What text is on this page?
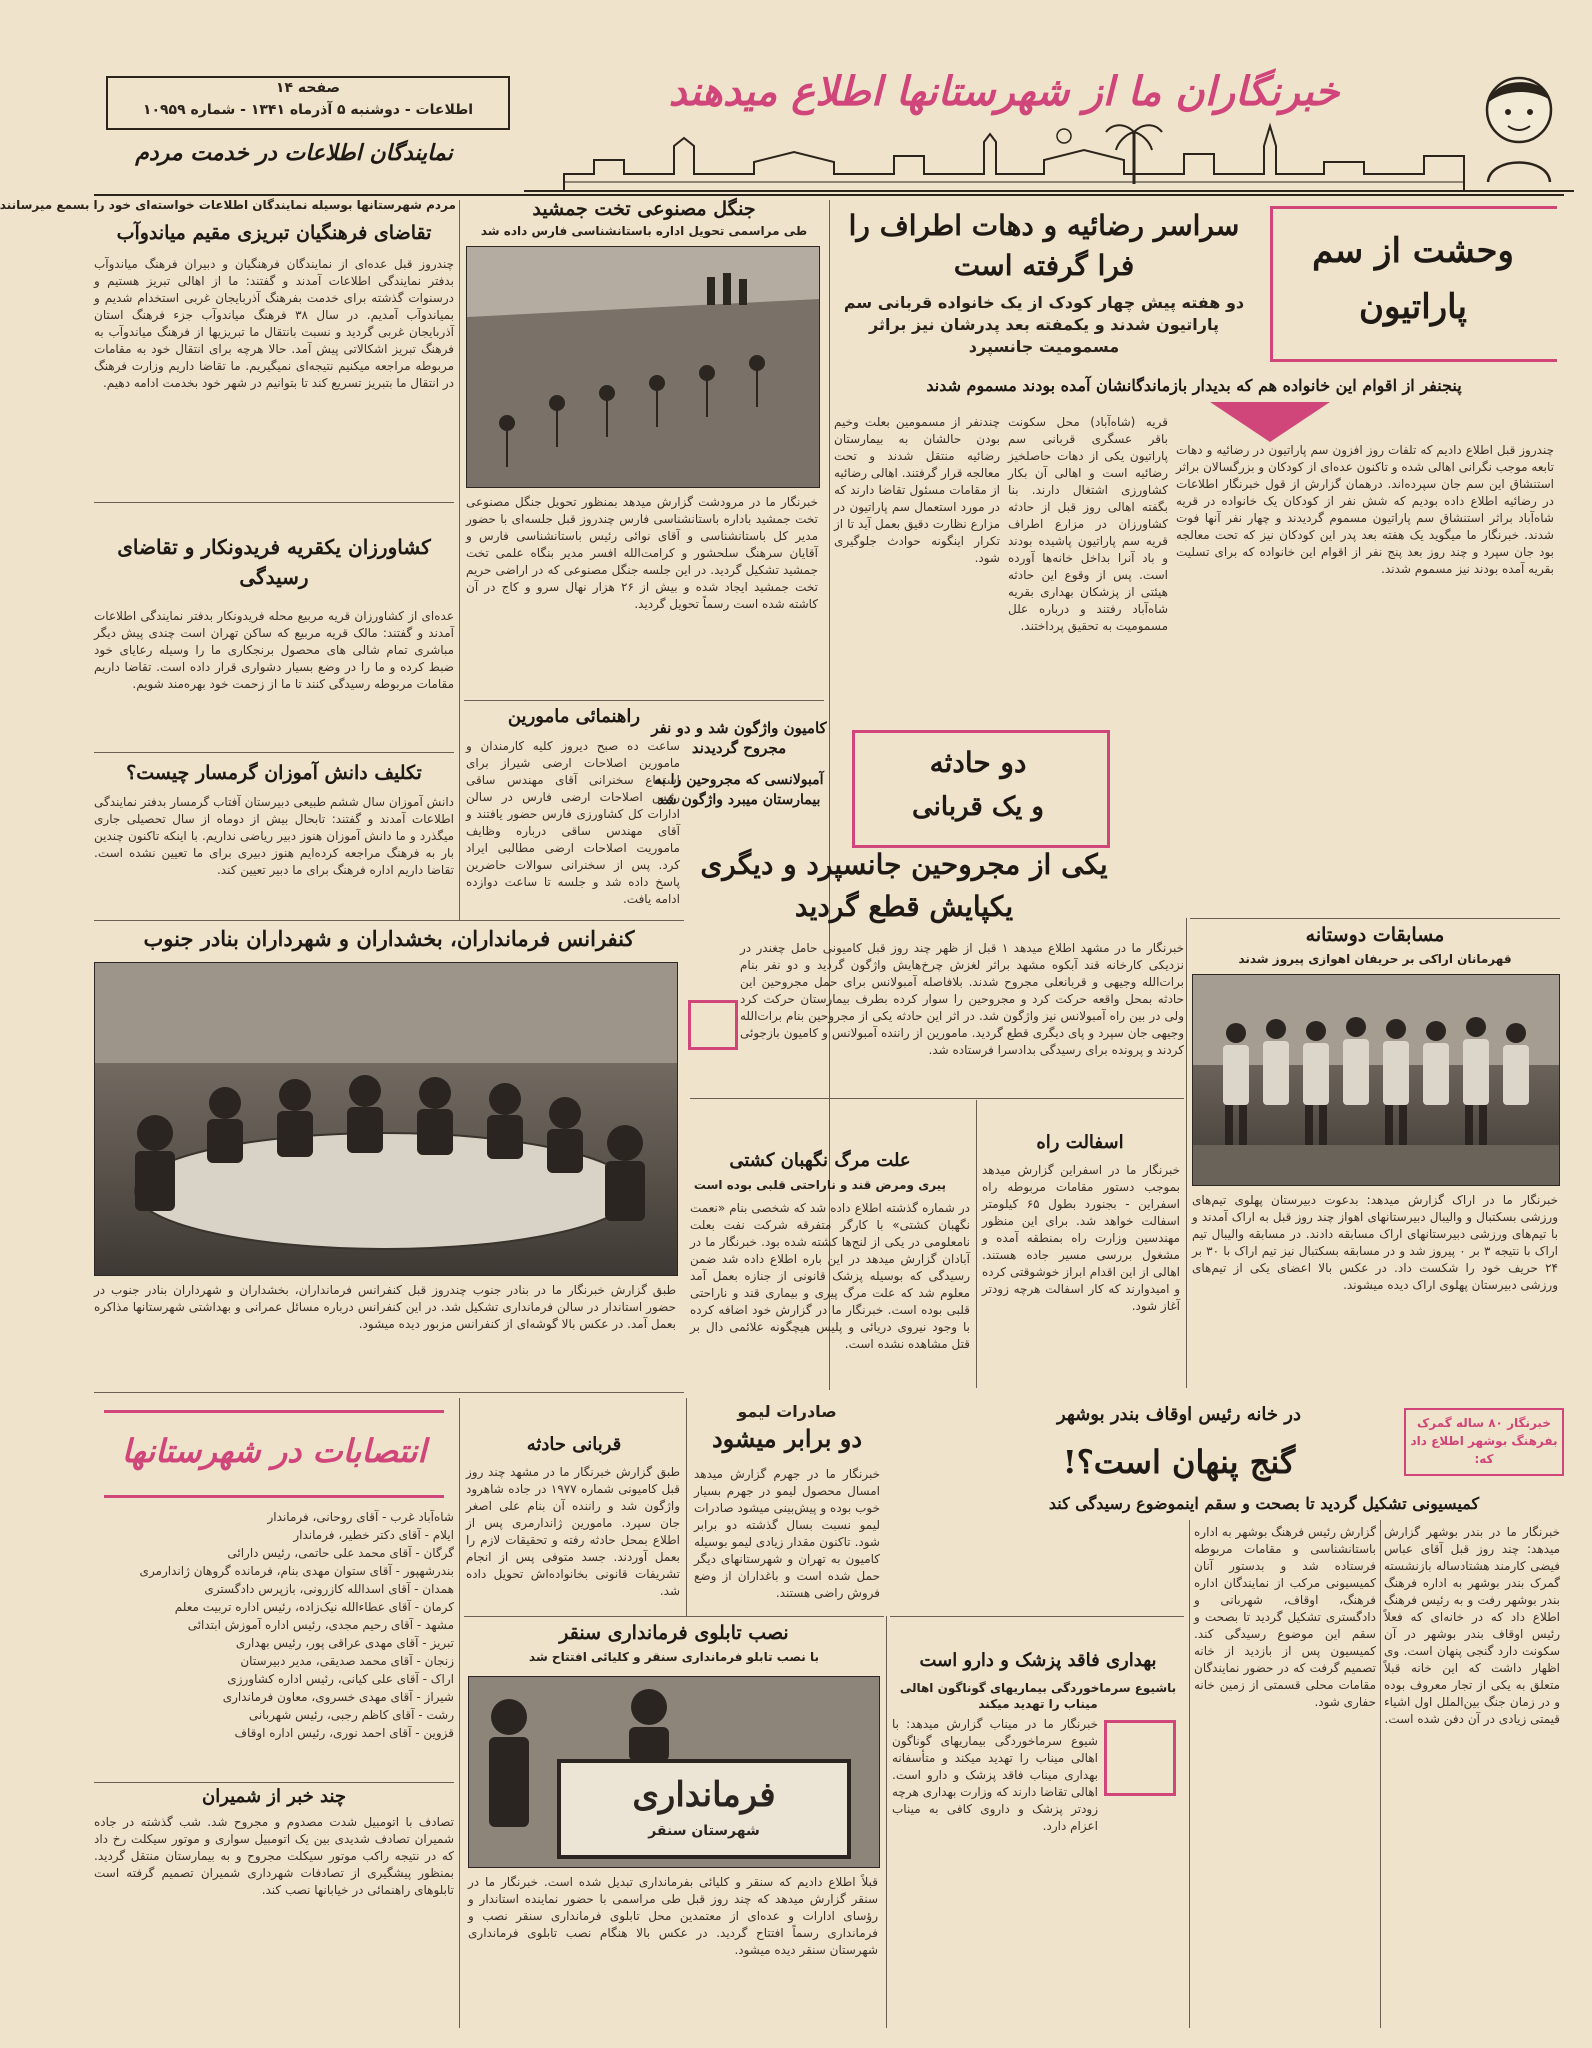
خبرنگاران ما از شهرستانها اطلاع میدهند
صفحه ۱۴
اطلاعات - دوشنبه ۵ آذرماه ۱۳۴۱ - شماره ۱۰۹۵۹
نمایندگان اطلاعات در خدمت مردم
مردم شهرستانها بوسیله نمایندگان اطلاعات خواسته‌ای خود را بسمع میرسانند
تقاضای فرهنگیان تبریزی مقیم میاندوآب
چندروز قبل عده‌ای از نمایندگان فرهنگیان و دبیران فرهنگ میاندوآب بدفتر نمایندگی اطلاعات آمدند و گفتند: ما از اهالی تبریز هستیم و درسنوات گذشته برای خدمت بفرهنگ آذربایجان غربی استخدام شدیم و بمیاندوآب آمدیم. در سال ۳۸ فرهنگ میاندوآب جزء فرهنگ استان آذربایجان غربی گردید و نسبت بانتقال ما تبریزیها از فرهنگ میاندوآب به فرهنگ تبریز اشکالاتی پیش آمد. حالا هرچه برای انتقال خود به مقامات مربوطه مراجعه میکنیم نتیجه‌ای نمیگیریم. ما تقاضا داریم وزارت فرهنگ در انتقال ما بتبریز تسریع کند تا بتوانیم در شهر خود بخدمت ادامه دهیم.
کشاورزان یکقریه فریدونکار و تقاضای رسیدگی
عده‌ای از کشاورزان قریه مربیع محله فریدونکار بدفتر نمایندگی اطلاعات آمدند و گفتند: مالک قریه مربیع که ساکن تهران است چندی پیش دیگر مباشری تمام شالی های محصول برنجکاری ما را وسیله رعایای خود ضبط کرده و ما را در وضع بسیار دشواری قرار داده است. تقاضا داریم مقامات مربوطه رسیدگی کنند تا ما از زحمت خود بهره‌مند شویم.
تکلیف دانش آموزان گرمسار چیست؟
دانش آموزان سال ششم طبیعی دبیرستان آفتاب گرمسار بدفتر نمایندگی اطلاعات آمدند و گفتند: تابحال بیش از دوماه از سال تحصیلی جاری میگذرد و ما دانش آموزان هنوز دبیر ریاضی نداریم. با اینکه تاکنون چندین بار به فرهنگ مراجعه کرده‌ایم هنوز دبیری برای ما تعیین نشده است. تقاضا داریم اداره فرهنگ برای ما دبیر تعیین کند.
کنفرانس فرمانداران، بخشداران و شهرداران بنادر جنوب
طبق گزارش خبرنگار ما در بنادر جنوب چندروز قبل کنفرانس فرمانداران، بخشداران و شهرداران بنادر جنوب در حضور استاندار در سالن فرمانداری تشکیل شد. در این کنفرانس درباره مسائل عمرانی و بهداشتی شهرستانها مذاکره بعمل آمد. در عکس بالا گوشه‌ای از کنفرانس مزبور دیده میشود.
جنگل مصنوعی تخت جمشید
طی مراسمی تحویل اداره باستانشناسی فارس داده شد
خبرنگار ما در مرودشت گزارش میدهد بمنظور تحویل جنگل مصنوعی تخت جمشید باداره باستانشناسی فارس چندروز قبل جلسه‌ای با حضور مدیر کل باستانشناسی و آقای نوائی رئیس باستانشناسی فارس و آقایان سرهنگ سلحشور و کرامت‌الله افسر مدیر بنگاه علمی تخت جمشید تشکیل گردید. در این جلسه جنگل مصنوعی که در اراضی حریم تخت جمشید ایجاد شده و بیش از ۲۶ هزار نهال سرو و کاج در آن کاشته شده است رسماً تحویل گردید.
راهنمائی مامورین
ساعت ده صبح دیروز کلیه کارمندان و مامورین اصلاحات ارضی شیراز برای استماع سخنرانی آقای مهندس ساقی رئیس اصلاحات ارضی فارس در سالن ادارات کل کشاورزی فارس حضور یافتند و آقای مهندس ساقی درباره وظایف ماموریت اصلاحات ارضی مطالبی ایراد کرد. پس از سخنرانی سوالات حاضرین پاسخ داده شد و جلسه تا ساعت دوازده ادامه یافت.
سراسر رضائیه و دهات اطراف را فرا گرفته است
دو هفته پیش چهار کودک از یک خانواده قربانی سم پاراتیون شدند و یکمفته بعد پدرشان نیز براثر مسمومیت جانسپرد
وحشت از سم پاراتیون
پنجنفر از اقوام این خانواده هم که بدیدار بازماندگانشان آمده بودند مسموم شدند
چندروز قبل اطلاع دادیم که تلفات روز افزون سم پاراتیون در رضائیه و دهات تابعه موجب نگرانی اهالی شده و تاکنون عده‌ای از کودکان و بزرگسالان براثر استنشاق این سم جان سپرده‌اند. درهمان گزارش از قول خبرنگار اطلاعات در رضائیه اطلاع داده بودیم که شش نفر از کودکان یک خانواده در قریه شاه‌آباد براثر استنشاق سم پاراتیون مسموم گردیدند و چهار نفر آنها فوت شدند. خبرنگار ما میگوید یک هفته بعد پدر این کودکان نیز که تحت معالجه بود جان سپرد و چند روز بعد پنج نفر از اقوام این خانواده که برای تسلیت بقریه آمده بودند نیز مسموم شدند.
قریه (شاه‌آباد) محل سکونت باقر عسگری قربانی سم پاراتیون یکی از دهات حاصلخیز رضائیه است و اهالی آن بکار کشاورزی اشتغال دارند. بنا بگفته اهالی روز قبل از حادثه کشاورزان در مزارع اطراف قریه سم پاراتیون پاشیده بودند و باد آنرا بداخل خانه‌ها آورده است. پس از وقوع این حادثه هیئتی از پزشکان بهداری بقریه شاه‌آباد رفتند و درباره علل مسمومیت به تحقیق پرداختند.
چندنفر از مسمومین بعلت وخیم بودن حالشان به بیمارستان رضائیه منتقل شدند و تحت معالجه قرار گرفتند. اهالی رضائیه از مقامات مسئول تقاضا دارند که در مورد استعمال سم پاراتیون در مزارع نظارت دقیق بعمل آید تا از تکرار اینگونه حوادث جلوگیری شود.
دو حادثه
و یک قربانی
کامیون واژگون شد و دو نفر مجروح گردیدند
آمبولانسی که مجروحین را به بیمارستان میبرد واژگون شد
یکی از مجروحین جانسپرد و دیگری
یکپایش قطع گردید
خبرنگار ما در مشهد اطلاع میدهد ۱ قبل از ظهر چند روز قبل کامیونی حامل چغندر در نزدیکی کارخانه قند آبکوه مشهد براثر لغزش چرخ‌هایش واژگون گردید و دو نفر بنام برات‌الله وجیهی و قربانعلی مجروح شدند. بلافاصله آمبولانس برای حمل مجروحین این حادثه بمحل واقعه حرکت کرد و مجروحین را سوار کرده بطرف بیمارستان حرکت کرد ولی در بین راه آمبولانس نیز واژگون شد. در اثر این حادثه یکی از مجروحین بنام برات‌الله وجیهی جان سپرد و پای دیگری قطع گردید. مامورین از راننده آمبولانس و کامیون بازجوئی کردند و پرونده برای رسیدگی بدادسرا فرستاده شد.
علت مرگ نگهبان کشتی
پیری ومرض قند و ناراحتی قلبی بوده است
در شماره گذشته اطلاع داده شد که شخصی بنام «نعمت نگهبان کشتی» با کارگر متفرقه شرکت نفت بعلت نامعلومی در یکی از لنج‌ها کشته شده بود. خبرنگار ما در آبادان گزارش میدهد در این باره اطلاع داده شد ضمن رسیدگی که بوسیله پزشک قانونی از جنازه بعمل آمد معلوم شد که علت مرگ پیری و بیماری قند و ناراحتی قلبی بوده است. خبرنگار ما در گزارش خود اضافه کرده با وجود نیروی دریائی و پلیس هیچگونه علائمی دال بر قتل مشاهده نشده است.
اسفالت راه
خبرنگار ما در اسفراین گزارش میدهد بموجب دستور مقامات مربوطه راه اسفراین - بجنورد بطول ۶۵ کیلومتر اسفالت خواهد شد. برای این منظور مهندسین وزارت راه بمنطقه آمده و مشغول بررسی مسیر جاده هستند. اهالی از این اقدام ابراز خوشوقتی کرده و امیدوارند که کار اسفالت هرچه زودتر آغاز شود.
مسابقات دوستانه
قهرمانان اراکی بر حریفان اهوازی پیروز شدند
خبرنگار ما در اراک گزارش میدهد: بدعوت دبیرستان پهلوی تیم‌های ورزشی بسکتبال و والیبال دبیرستانهای اهواز چند روز قبل به اراک آمدند و با تیم‌های ورزشی دبیرستانهای اراک مسابقه دادند. در مسابقه والیبال تیم اراک با نتیجه ۳ بر ۰ پیروز شد و در مسابقه بسکتبال نیز تیم اراک با ۳۰ بر ۲۴ حریف خود را شکست داد. در عکس بالا اعضای یکی از تیم‌های ورزشی دبیرستان پهلوی اراک دیده میشوند.
انتصابات در شهرستانها
شاه‌آباد غرب - آقای روحانی، فرماندار
ایلام - آقای دکتر خطیر، فرماندار
گرگان - آقای محمد علی حاتمی، رئیس دارائی
بندرشهپور - آقای ستوان مهدی بنام، فرمانده گروهان ژاندارمری
همدان - آقای اسدالله کازرونی، بازپرس دادگستری
کرمان - آقای عطاءالله نیک‌زاده، رئیس اداره تربیت معلم
مشهد - آقای رحیم مجدی، رئیس اداره آموزش ابتدائی
تبریز - آقای مهدی عراقی پور، رئیس بهداری
زنجان - آقای محمد صدیقی، مدیر دبیرستان
اراک - آقای علی کیانی، رئیس اداره کشاورزی
شیراز - آقای مهدی خسروی، معاون فرمانداری
رشت - آقای کاظم رجبی، رئیس شهربانی
قزوین - آقای احمد نوری، رئیس اداره اوقاف
چند خبر از شمیران
تصادف با اتومبیل شدت مصدوم و مجروح شد. شب گذشته در جاده شمیران تصادف شدیدی بین یک اتومبیل سواری و موتور سیکلت رخ داد که در نتیجه راکب موتور سیکلت مجروح و به بیمارستان منتقل گردید. بمنظور پیشگیری از تصادفات شهرداری شمیران تصمیم گرفته است تابلوهای راهنمائی در خیابانها نصب کند.
قربانی حادثه
طبق گزارش خبرنگار ما در مشهد چند روز قبل کامیونی شماره ۱۹۷۷ در جاده شاهرود واژگون شد و راننده آن بنام علی اصغر جان سپرد. مامورین ژاندارمری پس از اطلاع بمحل حادثه رفته و تحقیقات لازم را بعمل آوردند. جسد متوفی پس از انجام تشریفات قانونی بخانواده‌اش تحویل داده شد.
صادرات لیمو
دو برابر میشود
خبرنگار ما در جهرم گزارش میدهد امسال محصول لیمو در جهرم بسیار خوب بوده و پیش‌بینی میشود صادرات لیمو نسبت بسال گذشته دو برابر شود. تاکنون مقدار زیادی لیمو بوسیله کامیون به تهران و شهرستانهای دیگر حمل شده است و باغداران از وضع فروش راضی هستند.
نصب تابلوی فرمانداری سنقر
با نصب تابلو فرمانداری سنقر و کلیائی افتتاح شد
فرمانداری
شهرستان سنقر
قبلاً اطلاع دادیم که سنقر و کلیائی بفرمانداری تبدیل شده است. خبرنگار ما در سنقر گزارش میدهد که چند روز قبل طی مراسمی با حضور نماینده استاندار و رؤسای ادارات و عده‌ای از معتمدین محل تابلوی فرمانداری سنقر نصب و فرمانداری رسماً افتتاح گردید. در عکس بالا هنگام نصب تابلوی فرمانداری شهرستان سنقر دیده میشود.
بهداری فاقد پزشک و دارو است
باشیوع سرماخوردگی بیماریهای گوناگون اهالی میناب را تهدید میکند
خبرنگار ما در میناب گزارش میدهد: با شیوع سرماخوردگی بیماریهای گوناگون اهالی میناب را تهدید میکند و متأسفانه بهداری میناب فاقد پزشک و دارو است. اهالی تقاضا دارند که وزارت بهداری هرچه زودتر پزشک و داروی کافی به میناب اعزام دارد.
خبرنگار ۸۰ ساله گمرک بفرهنگ بوشهر اطلاع داد که:
در خانه رئیس اوقاف بندر بوشهر
گنج پنهان است؟!
کمیسیونی تشکیل گردید تا بصحت و سقم اینموضوع رسیدگی کند
خبرنگار ما در بندر بوشهر گزارش میدهد: چند روز قبل آقای عباس فیضی کارمند هشتادساله بازنشسته گمرک بندر بوشهر به اداره فرهنگ بندر بوشهر رفت و به رئیس فرهنگ اطلاع داد که در خانه‌ای که فعلاً رئیس اوقاف بندر بوشهر در آن سکونت دارد گنجی پنهان است. وی اظهار داشت که این خانه قبلاً متعلق به یکی از تجار معروف بوده و در زمان جنگ بین‌الملل اول اشیاء قیمتی زیادی در آن دفن شده است.
گزارش رئیس فرهنگ بوشهر به اداره باستانشناسی و مقامات مربوطه فرستاده شد و بدستور آنان کمیسیونی مرکب از نمایندگان اداره فرهنگ، اوقاف، شهربانی و دادگستری تشکیل گردید تا بصحت و سقم این موضوع رسیدگی کند. کمیسیون پس از بازدید از خانه تصمیم گرفت که در حضور نمایندگان مقامات محلی قسمتی از زمین خانه حفاری شود.
